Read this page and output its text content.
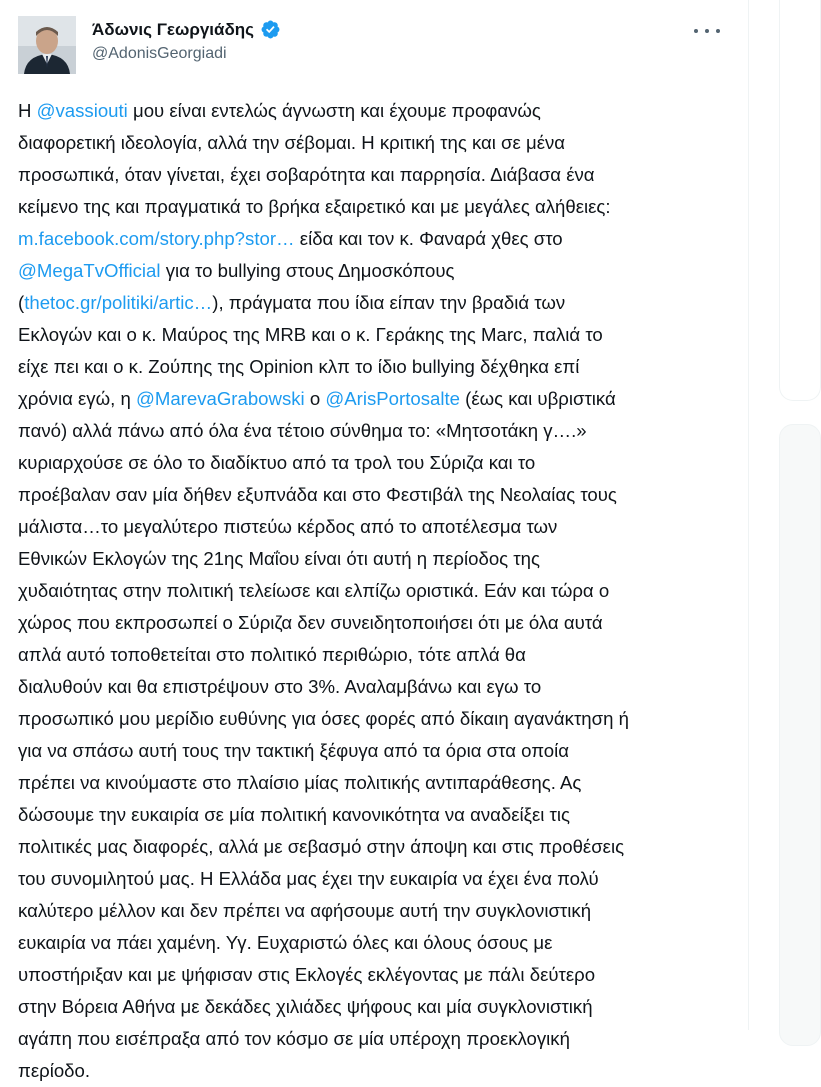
Άδωνις Γεωργιάδης
@AdonisGeorgiadi
Η @vassiouti μου είναι εντελώς άγνωστη και έχουμε προφανώς
διαφορετική ιδεολογία, αλλά την σέβομαι. Η κριτική της και σε μένα
προσωπικά, όταν γίνεται, έχει σοβαρότητα και παρρησία. Διάβασα ένα
κείμενο της και πραγματικά το βρήκα εξαιρετικό και με μεγάλες αλήθειες:
m.facebook.com/story.php?stor… είδα και τον κ. Φαναρά χθες στο
@MegaTvOfficial για το bullying στους Δημοσκόπους
(thetoc.gr/politiki/artic…), πράγματα που ίδια είπαν την βραδιά των
Εκλογών και ο κ. Μαύρος της MRB και ο κ. Γεράκης της Marc, παλιά το
είχε πει και ο κ. Ζούπης της Opinion κλπ το ίδιο bullying δέχθηκα επί
χρόνια εγώ, η @MarevaGrabowski ο @ArisPortosalte (έως και υβριστικά
πανό) αλλά πάνω από όλα ένα τέτοιο σύνθημα το: «Μητσοτάκη γ….»
κυριαρχούσε σε όλο το διαδίκτυο από τα τρολ του Σύριζα και το
προέβαλαν σαν μία δήθεν εξυπνάδα και στο Φεστιβάλ της Νεολαίας τους
μάλιστα…το μεγαλύτερο πιστεύω κέρδος από το αποτέλεσμα των
Εθνικών Εκλογών της 21ης Μαΐου είναι ότι αυτή η περίοδος της
χυδαιότητας στην πολιτική τελείωσε και ελπίζω οριστικά. Εάν και τώρα ο
χώρος που εκπροσωπεί ο Σύριζα δεν συνειδητοποιήσει ότι με όλα αυτά
απλά αυτό τοποθετείται στο πολιτικό περιθώριο, τότε απλά θα
διαλυθούν και θα επιστρέψουν στο 3%. Αναλαμβάνω και εγω το
προσωπικό μου μερίδιο ευθύνης για όσες φορές από δίκαιη αγανάκτηση ή
για να σπάσω αυτή τους την τακτική ξέφυγα από τα όρια στα οποία
πρέπει να κινούμαστε στο πλαίσιο μίας πολιτικής αντιπαράθεσης. Ας
δώσουμε την ευκαιρία σε μία πολιτική κανονικότητα να αναδείξει τις
πολιτικές μας διαφορές, αλλά με σεβασμό στην άποψη και στις προθέσεις
του συνομιλητού μας. Η Ελλάδα μας έχει την ευκαιρία να έχει ένα πολύ
καλύτερο μέλλον και δεν πρέπει να αφήσουμε αυτή την συγκλονιστική
ευκαιρία να πάει χαμένη. Υγ. Ευχαριστώ όλες και όλους όσους με
υποστήριξαν και με ψήφισαν στις Εκλογές εκλέγοντας με πάλι δεύτερο
στην Βόρεια Αθήνα με δεκάδες χιλιάδες ψήφους και μία συγκλονιστική
αγάπη που εισέπραξα από τον κόσμο σε μία υπέροχη προεκλογική
περίοδο.
